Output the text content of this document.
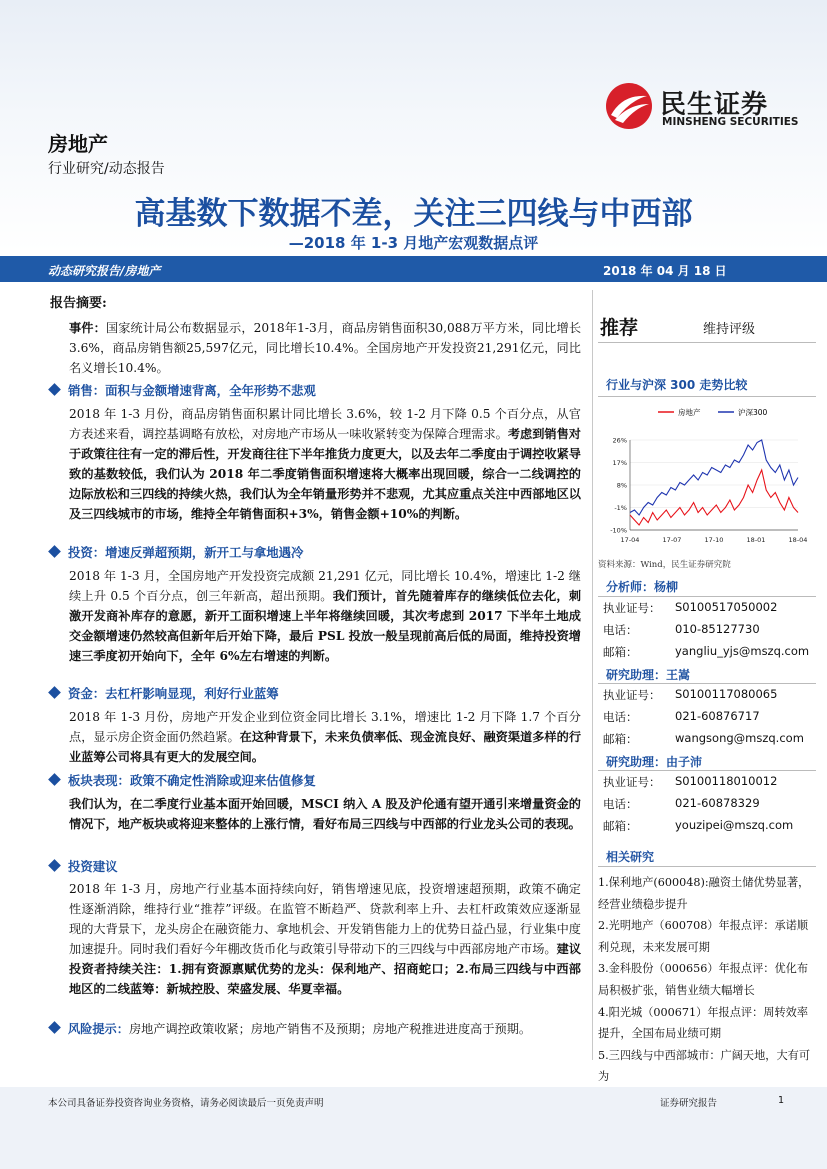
房地产
行业研究/动态报告
高基数下数据不差，关注三四线与中西部
—2018 年 1-3 月地产宏观数据点评
民生证券
MINSHENG SECURITIES
动态研究报告/房地产	2018 年 04 月 18 日
报告摘要:
事件：国家统计局公布数据显示，2018年1-3月，商品房销售面积30,088万平方米，同比增长3.6%，商品房销售额25,597亿元，同比增长10.4%。全国房地产开发投资21,291亿元，同比名义增长10.4%。
销售：面积与金额增速背离，全年形势不悲观
2018 年 1-3 月份，商品房销售面积累计同比增长 3.6%，较 1-2 月下降 0.5 个百分点，从官方表述来看，调控基调略有放松，对房地产市场从一味收紧转变为保障合理需求。考虑到销售对于政策往往有一定的滞后性，开发商往往下半年推货力度更大，以及去年二季度由于调控收紧导致的基数较低，我们认为 2018 年二季度销售面积增速将大概率出现回暖，综合一二线调控的边际放松和三四线的持续火热，我们认为全年销量形势并不悲观，尤其应重点关注中西部地区以及三四线城市的市场，维持全年销售面积+3%，销售金额+10%的判断。
投资：增速反弹超预期，新开工与拿地遇冷
2018 年 1-3 月，全国房地产开发投资完成额 21,291 亿元，同比增长 10.4%，增速比 1-2 继续上升 0.5 个百分点，创三年新高，超出预期。我们预计，首先随着库存的继续低位去化，刺激开发商补库存的意愿，新开工面积增速上半年将继续回暖，其次考虑到 2017 下半年土地成交金额增速仍然较高但新年后开始下降，最后 PSL 投放一般呈现前高后低的局面，维持投资增速三季度初开始向下，全年 6%左右增速的判断。
资金：去杠杆影响显现，利好行业蓝筹
2018 年 1-3 月份，房地产开发企业到位资金同比增长 3.1%，增速比 1-2 月下降 1.7 个百分点，显示房企资金面仍然趋紧。在这种背景下，未来负债率低、现金流良好、融资渠道多样的行业蓝筹公司将具有更大的发展空间。
板块表现：政策不确定性消除或迎来估值修复
我们认为，在二季度行业基本面开始回暖，MSCI 纳入 A 股及沪伦通有望开通引来增量资金的情况下，地产板块或将迎来整体的上涨行情，看好布局三四线与中西部的行业龙头公司的表现。
投资建议
2018 年 1-3 月，房地产行业基本面持续向好，销售增速见底，投资增速超预期，政策不确定性逐渐消除，维持行业“推荐”评级。在监管不断趋严、贷款利率上升、去杠杆政策效应逐渐显现的大背景下，龙头房企在融资能力、拿地机会、开发销售能力上的优势日益凸显，行业集中度加速提升。同时我们看好今年棚改货币化与政策引导带动下的三四线与中西部房地产市场。建议投资者持续关注：1.拥有资源禀赋优势的龙头：保利地产、招商蛇口；2.布局三四线与中西部地区的二线蓝筹：新城控股、荣盛发展、华夏幸福。
风险提示：房地产调控政策收紧；房地产销售不及预期；房地产税推进进度高于预期。
推荐	维持评级
行业与沪深 300 走势比较
房地产	沪深300
26%
17%
8%
-1%
-10%
17-04	17-07	17-10	18-01	18-04
资料来源：Wind，民生证券研究院
分析师：杨柳
执业证号： S0100517050002
电话：	010-85127730
邮箱：	yangliu_yjs@mszq.com
研究助理：王嵩
执业证号： S0100117080065
电话：	021-60876717
邮箱：	wangsong@mszq.com
研究助理：由子沛
执业证号： S0100118010012
电话：	021-60878329
邮箱：	youzipei@mszq.com
相关研究
1.保利地产(600048):融资土储优势显著，经营业绩稳步提升
2.光明地产（600708）年报点评：承诺顺利兑现，未来发展可期
3.金科股份（000656）年报点评：优化布局积极扩张，销售业绩大幅增长
4.阳光城（000671）年报点评：周转效率提升，全国布局业绩可期
5.三四线与中西部城市：广阔天地，大有可为
本公司具备证券投资咨询业务资格，请务必阅读最后一页免责声明	证券研究报告	1
